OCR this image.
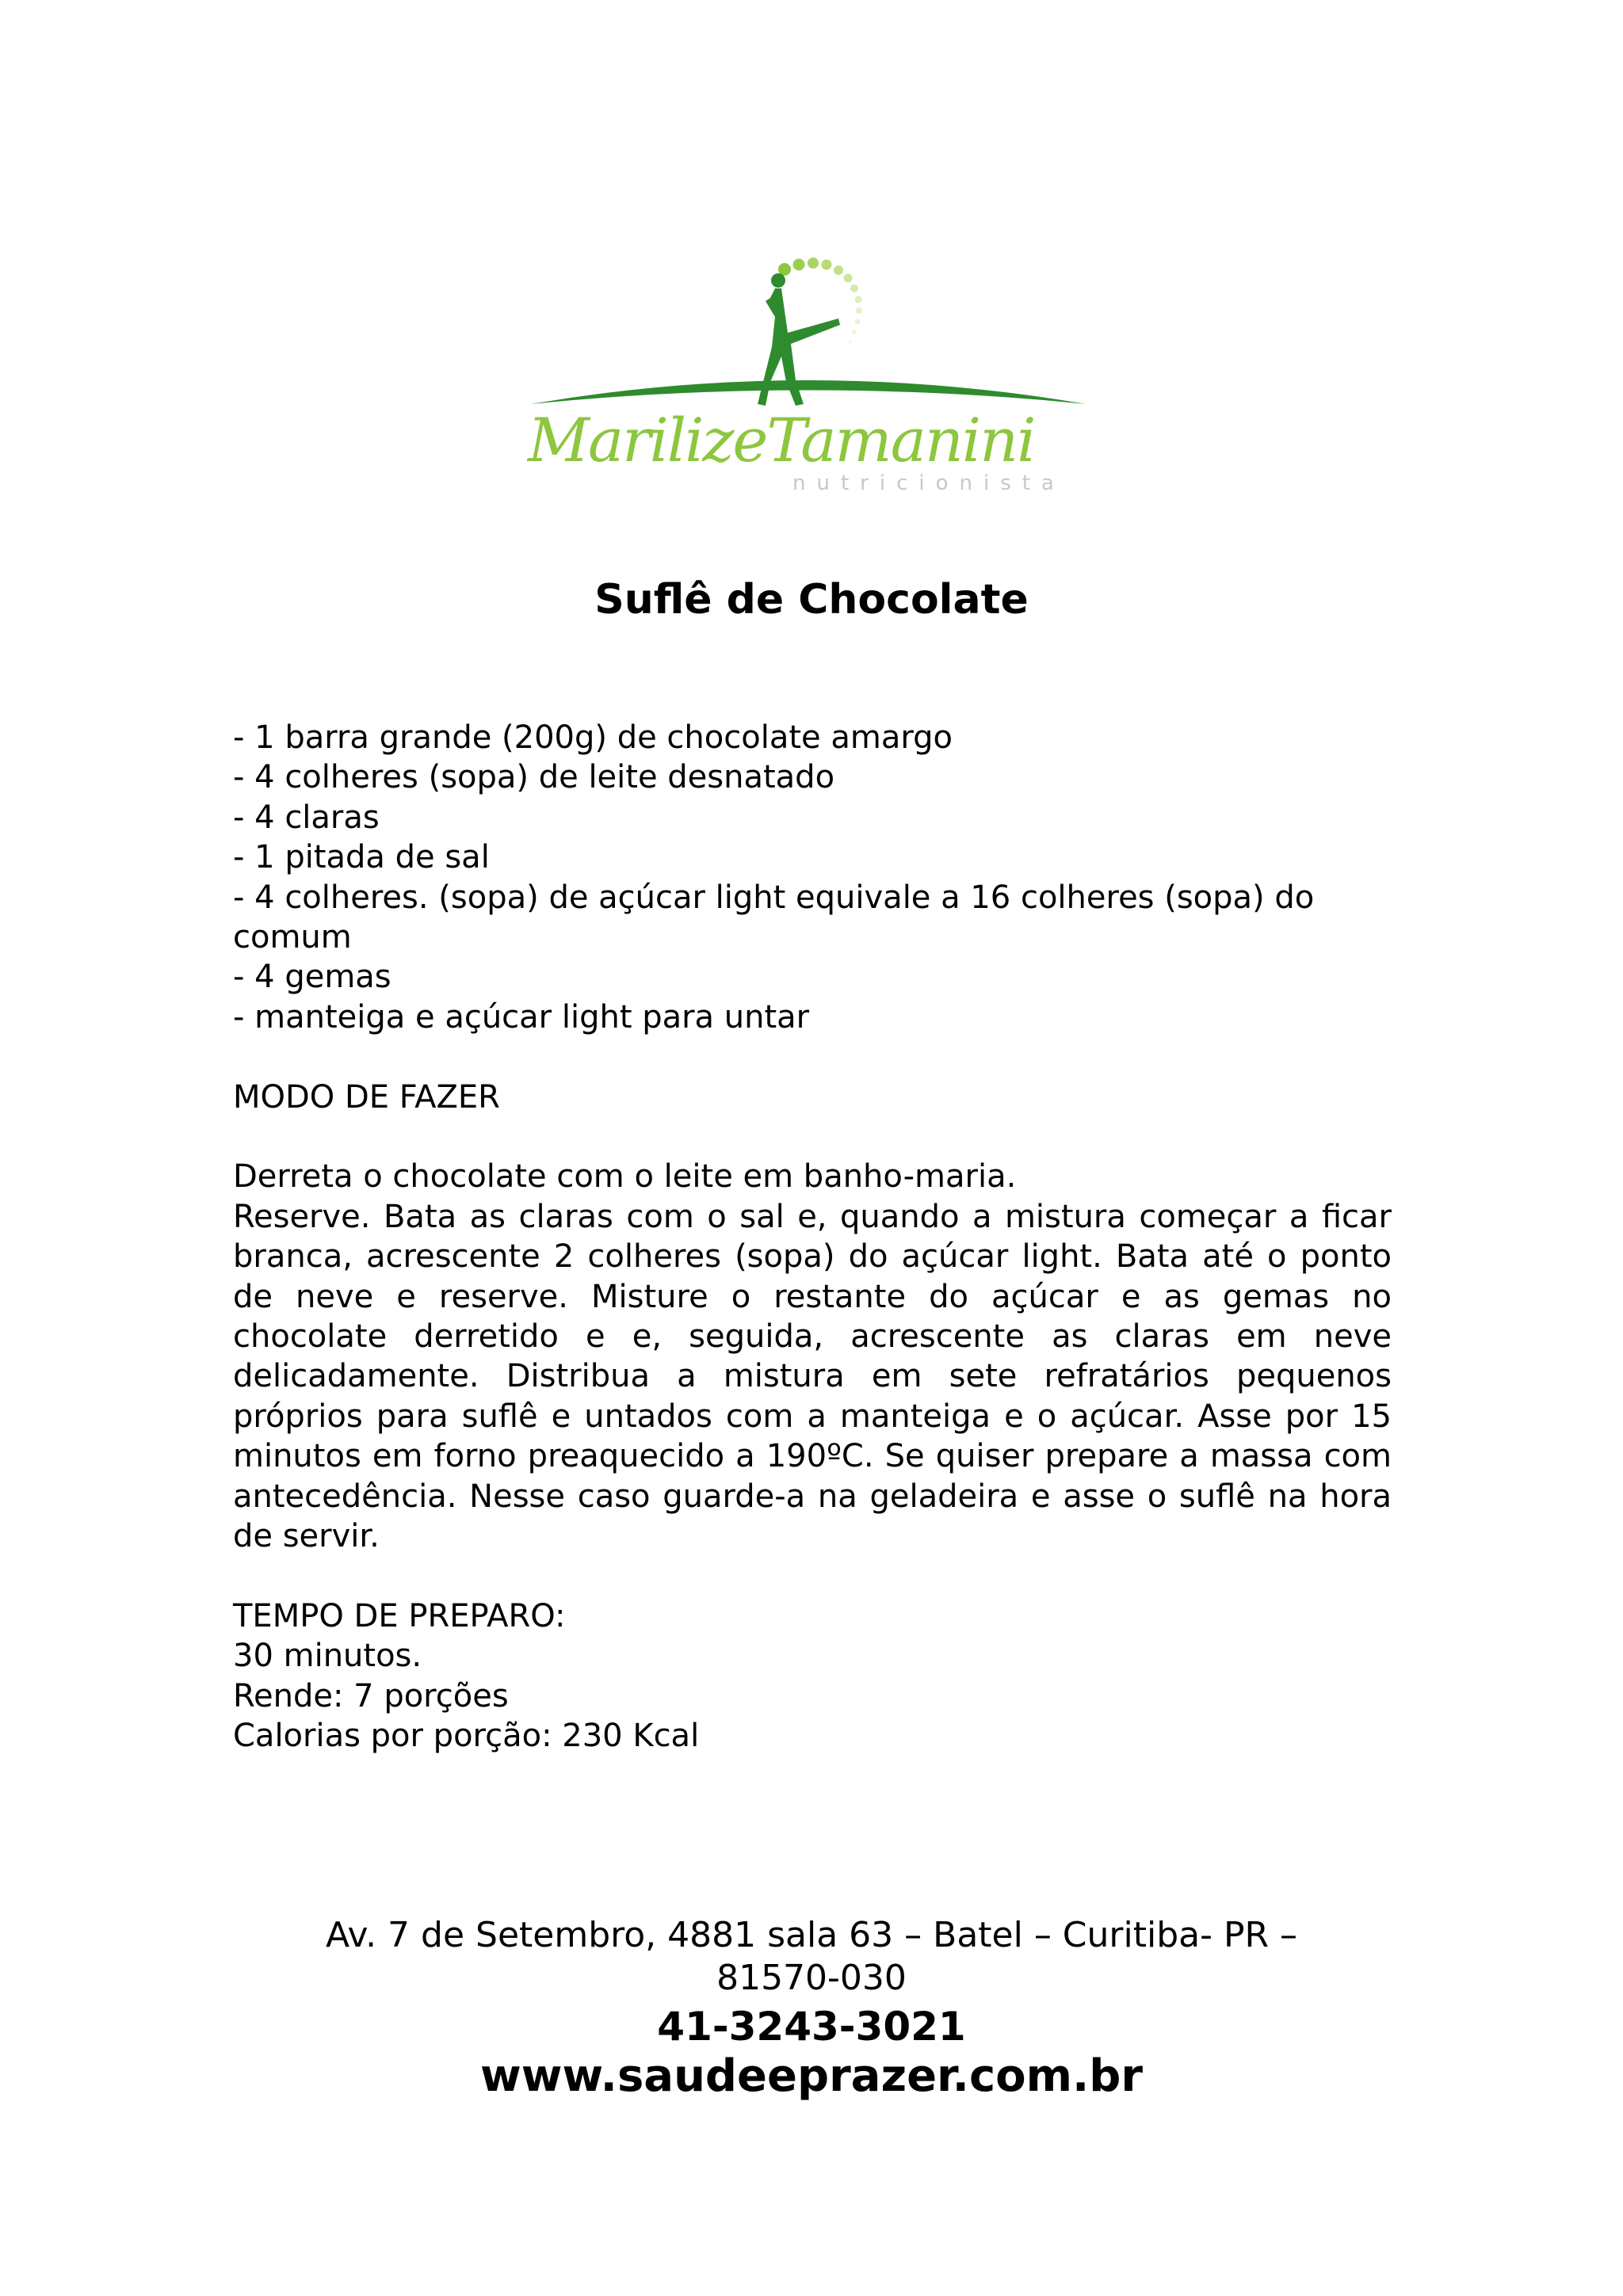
MarilizeTamanini
nutricionista
Suflê de Chocolate
- 1 barra grande (200g) de chocolate amargo
- 4 colheres (sopa) de leite desnatado
- 4 claras
- 1 pitada de sal
- 4 colheres. (sopa) de açúcar light equivale a 16 colheres (sopa) do
comum
- 4 gemas
- manteiga e açúcar light para untar
MODO DE FAZER
Derreta o chocolate com o leite em banho-maria.
Reserve. Bata as claras com o sal e, quando a mistura começar a ficar branca, acrescente 2 colheres (sopa) do açúcar light. Bata até o ponto de neve e reserve. Misture o restante do açúcar e as gemas no chocolate derretido e e, seguida, acrescente as claras em neve delicadamente. Distribua a mistura em sete refratários pequenos próprios para suflê e untados com a manteiga e o açúcar. Asse por 15 minutos em forno preaquecido a 190ºC. Se quiser prepare a massa com antecedência. Nesse caso guarde-a na geladeira e asse o suflê na hora de servir.
TEMPO DE PREPARO:
30 minutos.
Rende: 7 porções
Calorias por porção: 230 Kcal
Av. 7 de Setembro, 4881 sala 63 – Batel – Curitiba- PR – 81570-030
41-3243-3021
www.saudeeprazer.com.br
